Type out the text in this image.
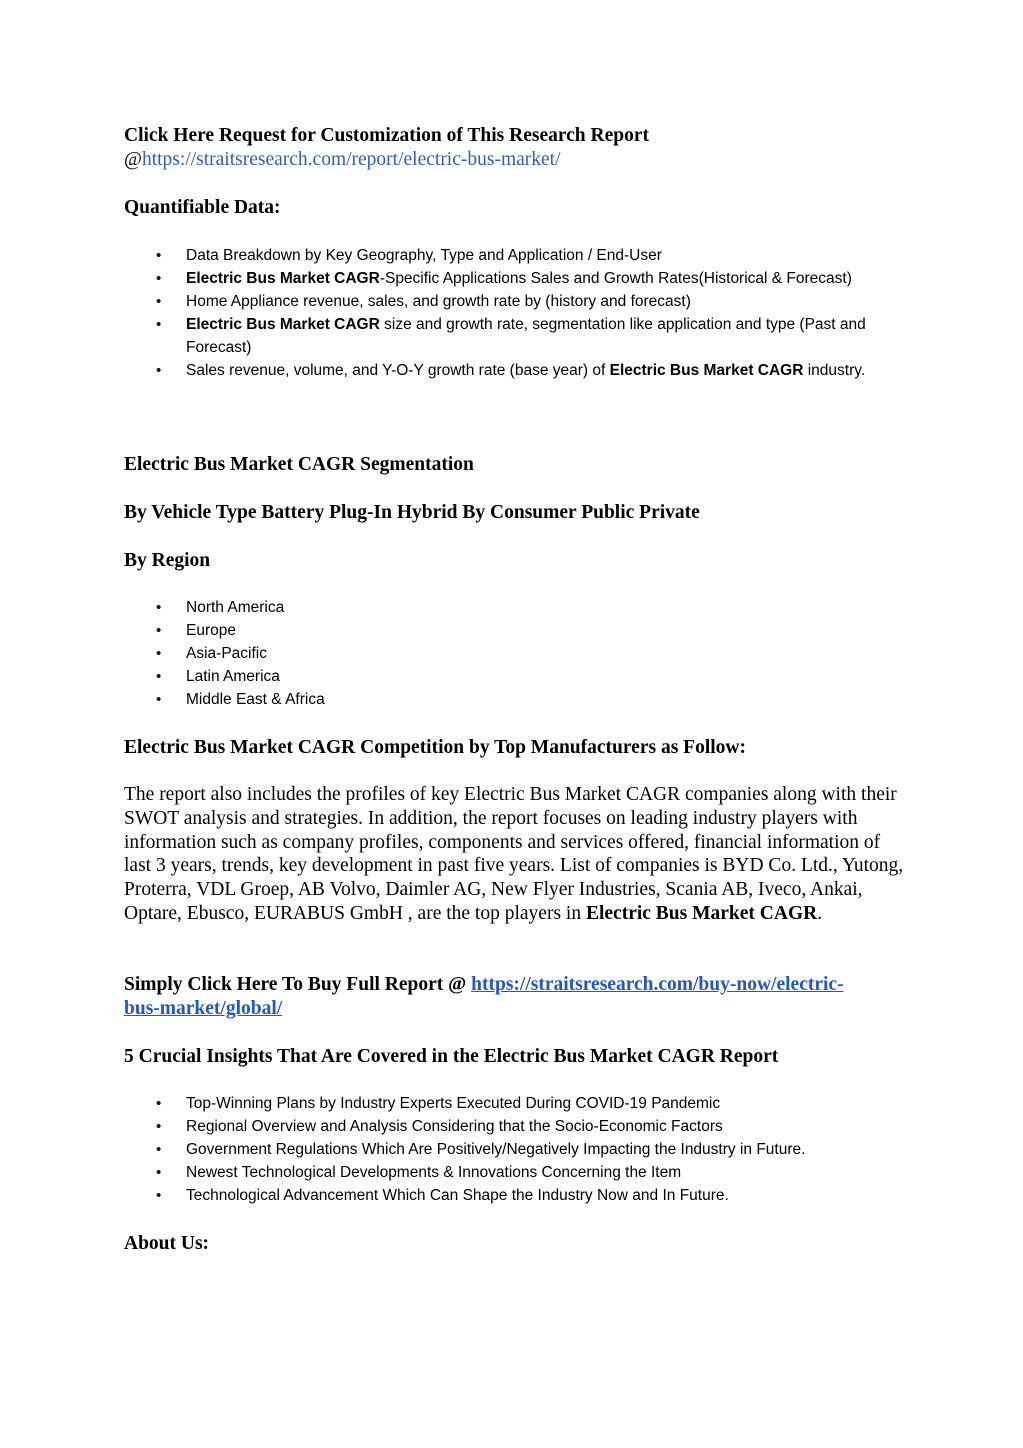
Click Here Request for Customization of This Research Report
@https://straitsresearch.com/report/electric-bus-market/
Quantifiable Data:
• Data Breakdown by Key Geography, Type and Application / End-User
• Electric Bus Market CAGR-Specific Applications Sales and Growth Rates(Historical & Forecast)
• Home Appliance revenue, sales, and growth rate by (history and forecast)
• Electric Bus Market CAGR size and growth rate, segmentation like application and type (Past and Forecast)
• Sales revenue, volume, and Y-O-Y growth rate (base year) of Electric Bus Market CAGR industry.
Electric Bus Market CAGR Segmentation
By Vehicle Type Battery Plug-In Hybrid By Consumer Public Private
By Region
• North America
• Europe
• Asia-Pacific
• Latin America
• Middle East & Africa
Electric Bus Market CAGR Competition by Top Manufacturers as Follow:

The report also includes the profiles of key Electric Bus Market CAGR companies along with their SWOT analysis and strategies. In addition, the report focuses on leading industry players with information such as company profiles, components and services offered, financial information of last 3 years, trends, key development in past five years. List of companies is BYD Co. Ltd., Yutong, Proterra, VDL Groep, AB Volvo, Daimler AG, New Flyer Industries, Scania AB, Iveco, Ankai, Optare, Ebusco, EURABUS GmbH , are the top players in Electric Bus Market CAGR.

Simply Click Here To Buy Full Report @ https://straitsresearch.com/buy-now/electric-
bus-market/global/
5 Crucial Insights That Are Covered in the Electric Bus Market CAGR Report
• Top-Winning Plans by Industry Experts Executed During COVID-19 Pandemic
• Regional Overview and Analysis Considering that the Socio-Economic Factors
• Government Regulations Which Are Positively/Negatively Impacting the Industry in Future.
• Newest Technological Developments & Innovations Concerning the Item
• Technological Advancement Which Can Shape the Industry Now and In Future.
About Us:
